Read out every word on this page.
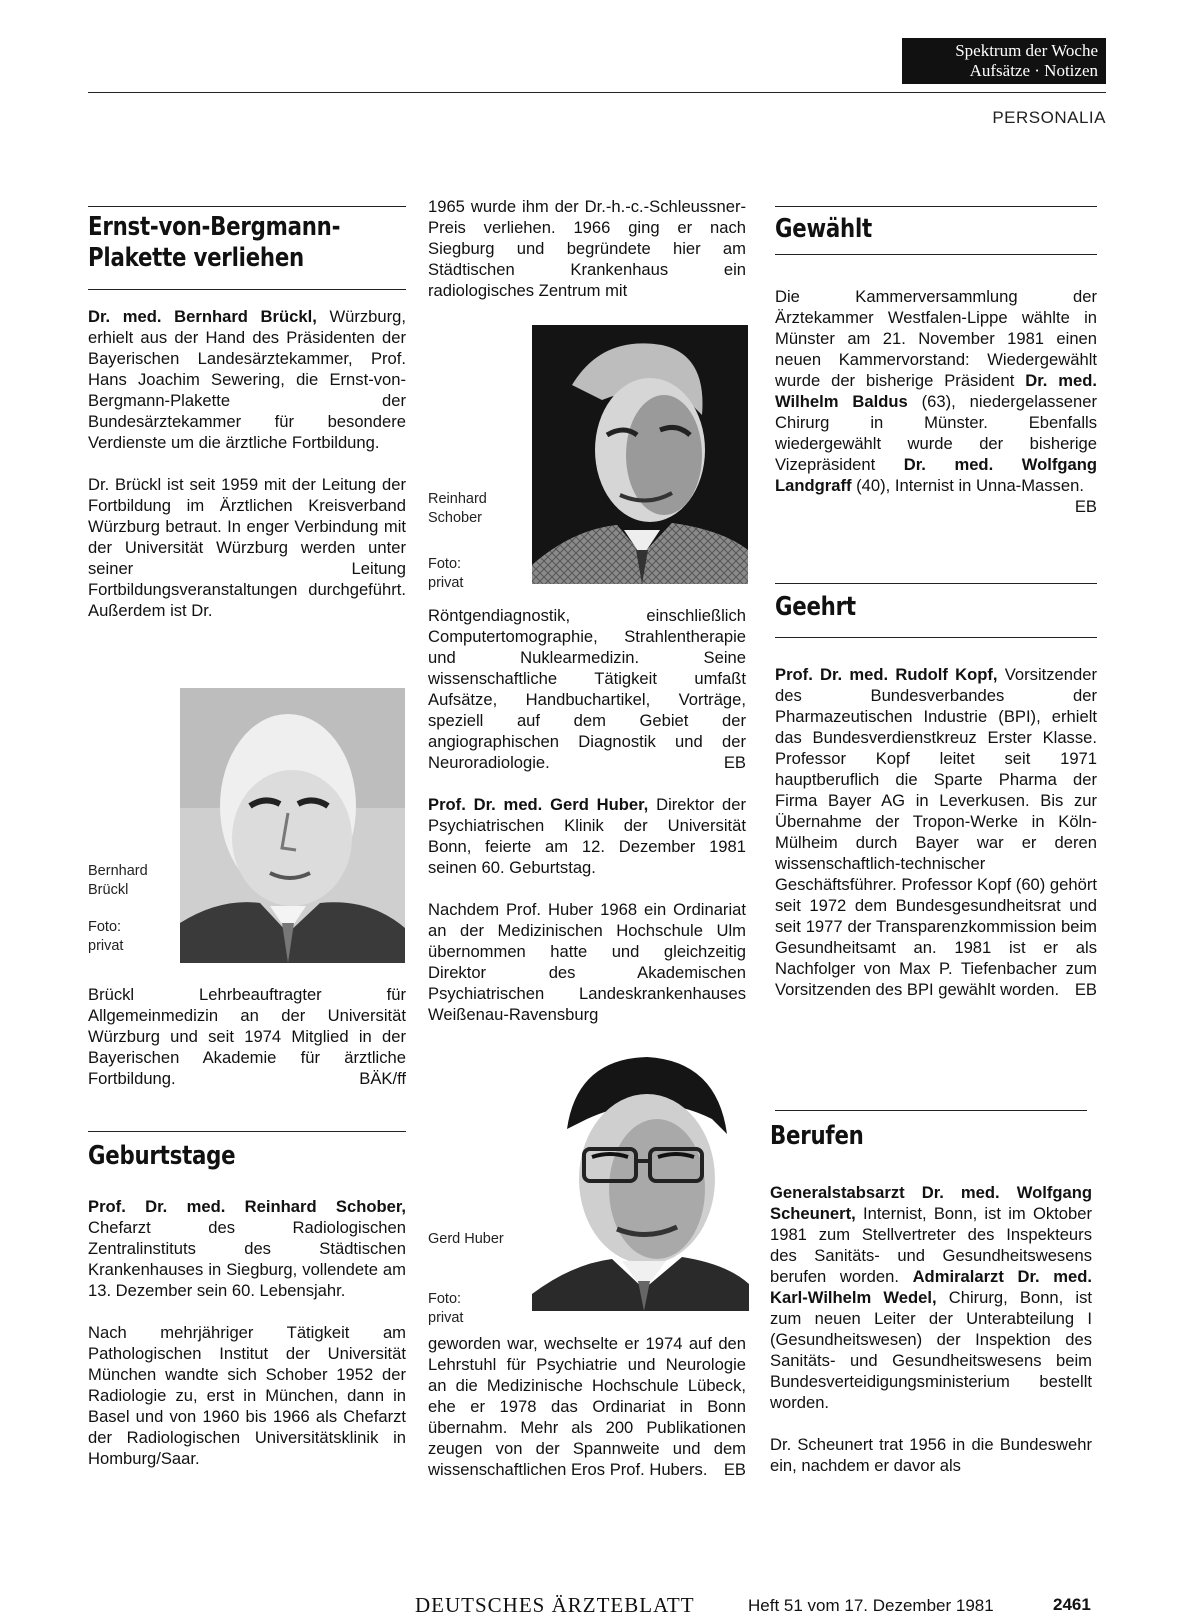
Spektrum der Woche
Aufsätze · Notizen
PERSONALIA
Ernst-von-Bergmann-
Plakette verliehen

Dr. med. Bernhard Brückl, Würzburg, erhielt aus der Hand des Präsidenten der Bayerischen Landesärztekammer, Prof. Hans Joachim Sewering, die Ernst-von-Bergmann-Plakette der Bundesärztekammer für besondere Verdienste um die ärztliche Fortbildung.

Dr. Brückl ist seit 1959 mit der Leitung der Fortbildung im Ärztlichen Kreisverband Würzburg betraut. In enger Verbindung mit der Universität Würzburg werden unter seiner Leitung Fortbildungsveranstaltungen durchgeführt. Außerdem ist Dr.

Bernhard Brückl
Foto: privat

Brückl Lehrbeauftragter für Allgemeinmedizin an der Universität Würzburg und seit 1974 Mitglied in der Bayerischen Akademie für ärztliche Fortbildung.	BÄK/ff

Geburtstage

Prof. Dr. med. Reinhard Schober, Chefarzt des Radiologischen Zentralinstituts des Städtischen Krankenhauses in Siegburg, vollendete am 13. Dezember sein 60. Lebensjahr.

Nach mehrjähriger Tätigkeit am Pathologischen Institut der Universität München wandte sich Schober 1952 der Radiologie zu, erst in München, dann in Basel und von 1960 bis 1966 als Chefarzt der Radiologischen Universitätsklinik in Homburg/Saar.

1965 wurde ihm der Dr.-h.-c.-Schleussner-Preis verliehen. 1966 ging er nach Siegburg und begründete hier am Städtischen Krankenhaus ein radiologisches Zentrum mit

Reinhard Schober
Foto: privat

Röntgendiagnostik, einschließlich Computertomographie, Strahlentherapie und Nuklearmedizin. Seine wissenschaftliche Tätigkeit umfaßt Aufsätze, Handbuchartikel, Vorträge, speziell auf dem Gebiet der angiographischen Diagnostik und der Neuroradiologie.	EB

Prof. Dr. med. Gerd Huber, Direktor der Psychiatrischen Klinik der Universität Bonn, feierte am 12. Dezember 1981 seinen 60. Geburtstag.

Nachdem Prof. Huber 1968 ein Ordinariat an der Medizinischen Hochschule Ulm übernommen hatte und gleichzeitig Direktor des Akademischen Psychiatrischen Landeskrankenhauses Weißenau-Ravensburg

Gerd Huber
Foto: privat

geworden war, wechselte er 1974 auf den Lehrstuhl für Psychiatrie und Neurologie an die Medizinische Hochschule Lübeck, ehe er 1978 das Ordinariat in Bonn übernahm. Mehr als 200 Publikationen zeugen von der Spannweite und dem wissenschaftlichen Eros Prof. Hubers. EB

Gewählt

Die Kammerversammlung der Ärztekammer Westfalen-Lippe wählte in Münster am 21. November 1981 einen neuen Kammervorstand: Wiedergewählt wurde der bisherige Präsident Dr. med. Wilhelm Baldus (63), niedergelassener Chirurg in Münster. Ebenfalls wiedergewählt wurde der bisherige Vizepräsident Dr. med. Wolfgang Landgraff (40), Internist in Unna-Massen.
EB

Geehrt

Prof. Dr. med. Rudolf Kopf, Vorsitzender des Bundesverbandes der Pharmazeutischen Industrie (BPI), erhielt das Bundesverdienstkreuz Erster Klasse. Professor Kopf leitet seit 1971 hauptberuflich die Sparte Pharma der Firma Bayer AG in Leverkusen. Bis zur Übernahme der Tropon-Werke in Köln-Mülheim durch Bayer war er deren wissenschaftlich-technischer Geschäftsführer. Professor Kopf (60) gehört seit 1972 dem Bundesgesundheitsrat und seit 1977 der Transparenzkommission beim Gesundheitsamt an. 1981 ist er als Nachfolger von Max P. Tiefenbacher zum Vorsitzenden des BPI gewählt worden. EB

Berufen

Generalstabsarzt Dr. med. Wolfgang Scheunert, Internist, Bonn, ist im Oktober 1981 zum Stellvertreter des Inspekteurs des Sanitäts- und Gesundheitswesens berufen worden. Admiralarzt Dr. med. Karl-Wilhelm Wedel, Chirurg, Bonn, ist zum neuen Leiter der Unterabteilung I (Gesundheitswesen) der Inspektion des Sanitäts- und Gesundheitswesens beim Bundesverteidigungsministerium bestellt worden.

Dr. Scheunert trat 1956 in die Bundeswehr ein, nachdem er davor als

DEUTSCHES ÄRZTEBLATT	Heft 51 vom 17. Dezember 1981	2461
